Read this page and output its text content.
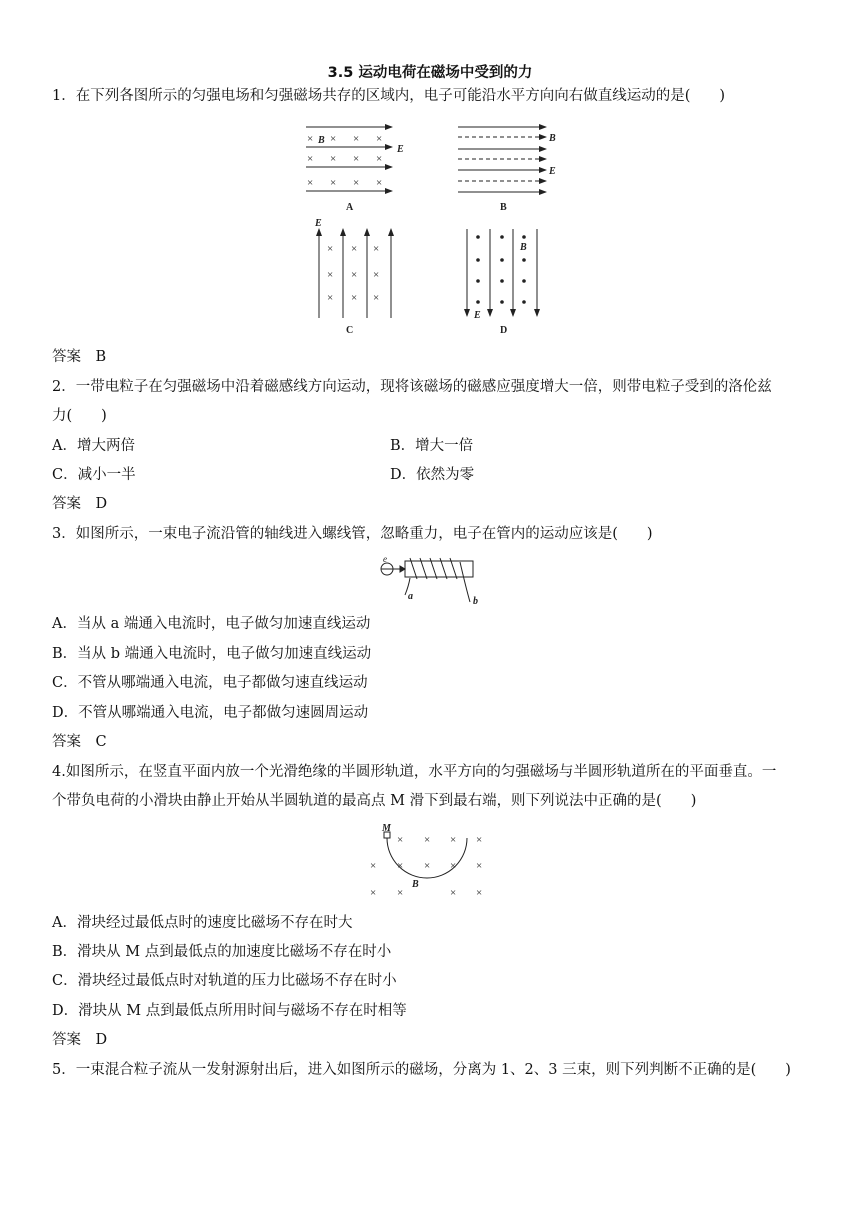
3.5 运动电荷在磁场中受到的力
1．在下列各图所示的匀强电场和匀强磁场共存的区域内，电子可能沿水平方向向右做直线运动的是(　　)
× × × ×
× × × ×
× × × ×
B
E
A
B
E
B
× × ×
× × ×
× × ×
E
C
B
E
D
答案　B
2．一带电粒子在匀强磁场中沿着磁感线方向运动，现将该磁场的磁感应强度增大一倍，则带电粒子受到的洛伦兹
力(　　)
A．增大两倍	B．增大一倍
C．减小一半	D．依然为零
答案　D
3．如图所示，一束电子流沿管的轴线进入螺线管，忽略重力，电子在管内的运动应该是(　　)
e
a	b
A．当从 a 端通入电流时，电子做匀加速直线运动
B．当从 b 端通入电流时，电子做匀加速直线运动
C．不管从哪端通入电流，电子都做匀速直线运动
D．不管从哪端通入电流，电子都做匀速圆周运动
答案　C
4.如图所示，在竖直平面内放一个光滑绝缘的半圆形轨道，水平方向的匀强磁场与半圆形轨道所在的平面垂直。一
个带负电荷的小滑块由静止开始从半圆轨道的最高点 M 滑下到最右端，则下列说法中正确的是(　　)
× × × ×
× × × × ×
× ×	× ×
M
B
A．滑块经过最低点时的速度比磁场不存在时大
B．滑块从 M 点到最低点的加速度比磁场不存在时小
C．滑块经过最低点时对轨道的压力比磁场不存在时小
D．滑块从 M 点到最低点所用时间与磁场不存在时相等
答案　D
5．一束混合粒子流从一发射源射出后，进入如图所示的磁场，分离为 1、2、3 三束，则下列判断不正确的是(　　)
